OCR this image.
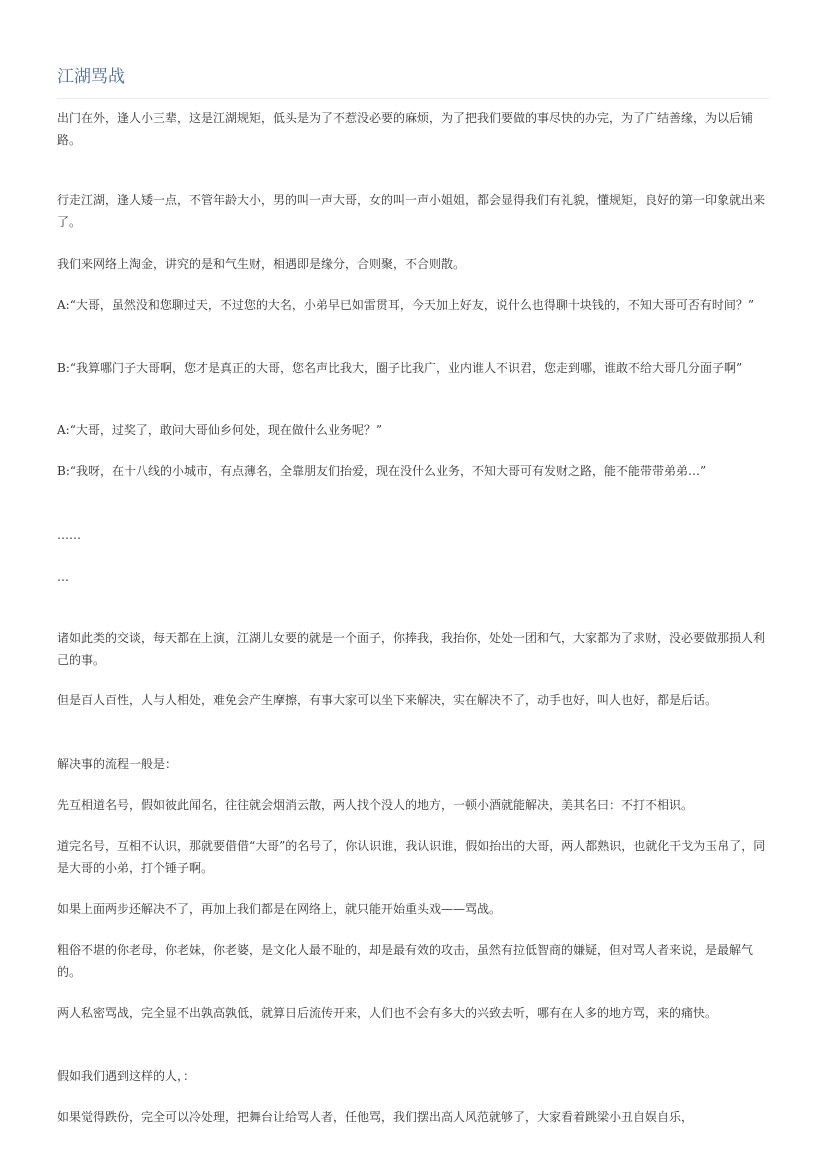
江湖骂战

出门在外，逢人小三辈，这是江湖规矩，低头是为了不惹没必要的麻烦，为了把我们要做的事尽快的办完，为了广结善缘，为以后铺路。

行走江湖，逢人矮一点，不管年龄大小，男的叫一声大哥，女的叫一声小姐姐，都会显得我们有礼貌，懂规矩，良好的第一印象就出来了。

我们来网络上淘金，讲究的是和气生财，相遇即是缘分，合则聚，不合则散。

A:“大哥，虽然没和您聊过天，不过您的大名，小弟早已如雷贯耳，今天加上好友，说什么也得聊十块钱的，不知大哥可否有时间？”

B:“我算哪门子大哥啊，您才是真正的大哥，您名声比我大，圈子比我广，业内谁人不识君，您走到哪，谁敢不给大哥几分面子啊”

A:“大哥，过奖了，敢问大哥仙乡何处，现在做什么业务呢？”

B:“我呀，在十八线的小城市，有点薄名，全靠朋友们抬爱，现在没什么业务，不知大哥可有发财之路，能不能带带弟弟…”

……

…

诸如此类的交谈，每天都在上演，江湖儿女要的就是一个面子，你捧我，我抬你，处处一团和气，大家都为了求财，没必要做那损人利己的事。

但是百人百性，人与人相处，难免会产生摩擦，有事大家可以坐下来解决，实在解决不了，动手也好，叫人也好，都是后话。

解决事的流程一般是：

先互相道名号，假如彼此闻名，往往就会烟消云散，两人找个没人的地方，一顿小酒就能解决，美其名曰：不打不相识。

道完名号，互相不认识，那就要借借“大哥”的名号了，你认识谁，我认识谁，假如抬出的大哥，两人都熟识，也就化干戈为玉帛了，同是大哥的小弟，打个锤子啊。

如果上面两步还解决不了，再加上我们都是在网络上，就只能开始重头戏——骂战。

粗俗不堪的你老母，你老妹，你老婆，是文化人最不耻的，却是最有效的攻击，虽然有拉低智商的嫌疑，但对骂人者来说，是最解气的。

两人私密骂战，完全显不出孰高孰低，就算日后流传开来，人们也不会有多大的兴致去听，哪有在人多的地方骂，来的痛快。

假如我们遇到这样的人，：

如果觉得跌份，完全可以冷处理，把舞台让给骂人者，任他骂，我们摆出高人风范就够了，大家看着跳梁小丑自娱自乐，
